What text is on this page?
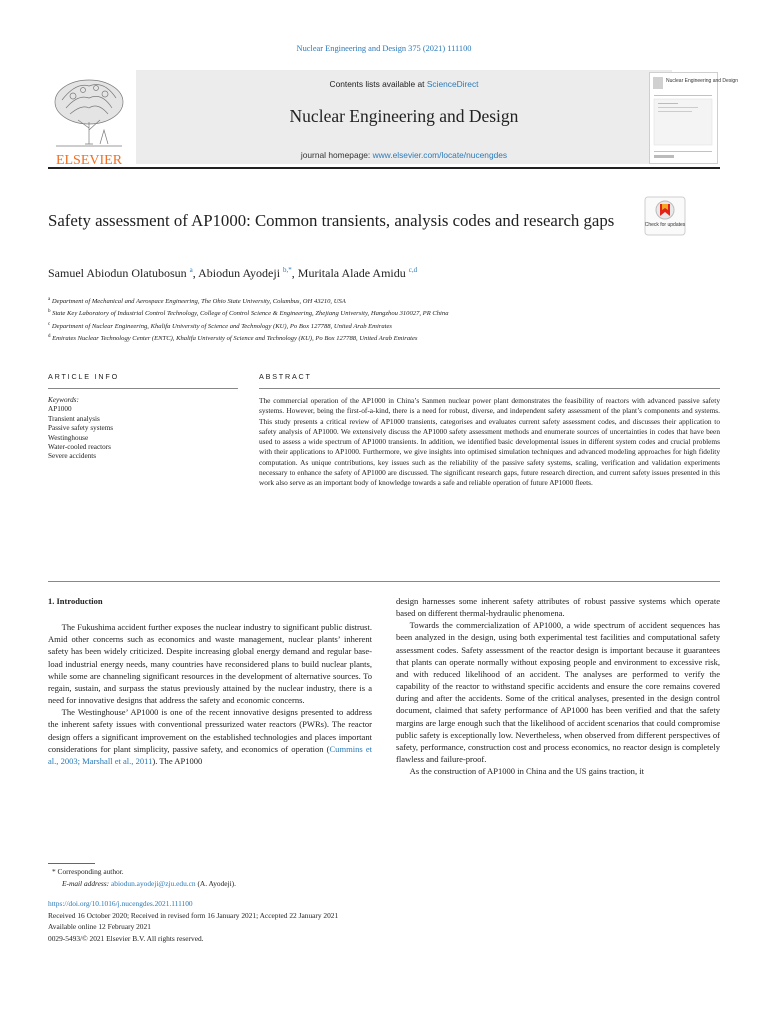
Nuclear Engineering and Design 375 (2021) 111100
ELSEVIER
Contents lists available at ScienceDirect
Nuclear Engineering and Design
journal homepage: www.elsevier.com/locate/nucengdes
Nuclear Engineering and Design
Safety assessment of AP1000: Common transients, analysis codes and research gaps	Check for updates
Samuel Abiodun Olatubosun $^a$, Abiodun Ayodeji $^{b,*}$, Muritala Alade Amidu $^{c,d}$
$^a$ Department of Mechanical and Aerospace Engineering, The Ohio State University, Columbus, OH 43210, USA
$^b$ State Key Laboratory of Industrial Control Technology, College of Control Science & Engineering, Zhejiang University, Hangzhou 310027, PR China
$^c$ Department of Nuclear Engineering, Khalifa University of Science and Technology (KU), Po Box 127788, United Arab Emirates
$^d$ Emirates Nuclear Technology Center (ENTC), Khalifa University of Science and Technology (KU), Po Box 127788, United Arab Emirates
ARTICLE INFO	ABSTRACT
Keywords:
AP1000
Transient analysis
Passive safety systems
Westinghouse
Water-cooled reactors
Severe accidents
The commercial operation of the AP1000 in China’s Sanmen nuclear power plant demonstrates the feasibility of reactors with advanced passive safety systems. However, being the first-of-a-kind, there is a need for robust, diverse, and independent safety assessment of the plant’s components and systems. This study presents a critical review of AP1000 transients, categorises and evaluates current safety assessment codes, and discusses their application to safety analysis of AP1000. We extensively discuss the AP1000 safety assessment methods and enumerate sources of uncertainties in codes that have been used to assess a wide spectrum of AP1000 transients. In addition, we identified basic developmental issues in different system codes and crucial problems with their applications to AP1000. Furthermore, we give insights into optimised simulation techniques and advanced modeling approaches for high fidelity computation. As unique contributions, key issues such as the reliability of the passive safety systems, scaling, verification and validation experiments necessary to enhance the safety of AP1000 are discussed. The significant research gaps, future research direction, and current safety issues presented in this work also serve as an important body of knowledge towards a safe and reliable operation of future AP1000 fleets.

1. Introduction

The Fukushima accident further exposes the nuclear industry to significant public distrust. Amid other concerns such as economics and waste management, nuclear plants’ inherent safety has been widely criticized. Despite increasing global energy demand and regular base-load industrial energy needs, many countries have reconsidered plans to build nuclear plants, while some are channeling significant resources in the development of alternative sources. To regain, sustain, and surpass the status previously attained by the nuclear industry, there is a need for innovative designs that address the safety and economic concerns.

The Westinghouse’ AP1000 is one of the recent innovative designs presented to address the inherent safety issues with conventional pressurized water reactors (PWRs). The reactor design offers a significant improvement on the established technologies and places important considerations for plant simplicity, passive safety, and economics of operation (Cummins et al., 2003; Marshall et al., 2011). The AP1000

design harnesses some inherent safety attributes of robust passive systems which operate based on different thermal-hydraulic phenomena.

Towards the commercialization of AP1000, a wide spectrum of accident sequences has been analyzed in the design, using both experimental test facilities and computational safety assessment codes. Safety assessment of the reactor design is important because it guarantees that plants can operate normally without exposing people and environment to excessive risk, and with reduced likelihood of an accident. The analyses are performed to verify the capability of the reactor to withstand specific accidents and ensure the core remains covered during and after the accidents. Some of the critical analyses, presented in the design control document, claimed that safety performance of AP1000 has been verified and that the safety margins are large enough such that the likelihood of accident scenarios that could compromise public safety is exceptionally low. Nevertheless, when observed from different perspectives of safety, performance, construction cost and process economics, no reactor design is completely flawless and failure-proof.

As the construction of AP1000 in China and the US gains traction, it

* Corresponding author.
E-mail address: abiodun.ayodeji@zju.edu.cn (A. Ayodeji).
https://doi.org/10.1016/j.nucengdes.2021.111100
Received 16 October 2020; Received in revised form 16 January 2021; Accepted 22 January 2021
Available online 12 February 2021
0029-5493/© 2021 Elsevier B.V. All rights reserved.
